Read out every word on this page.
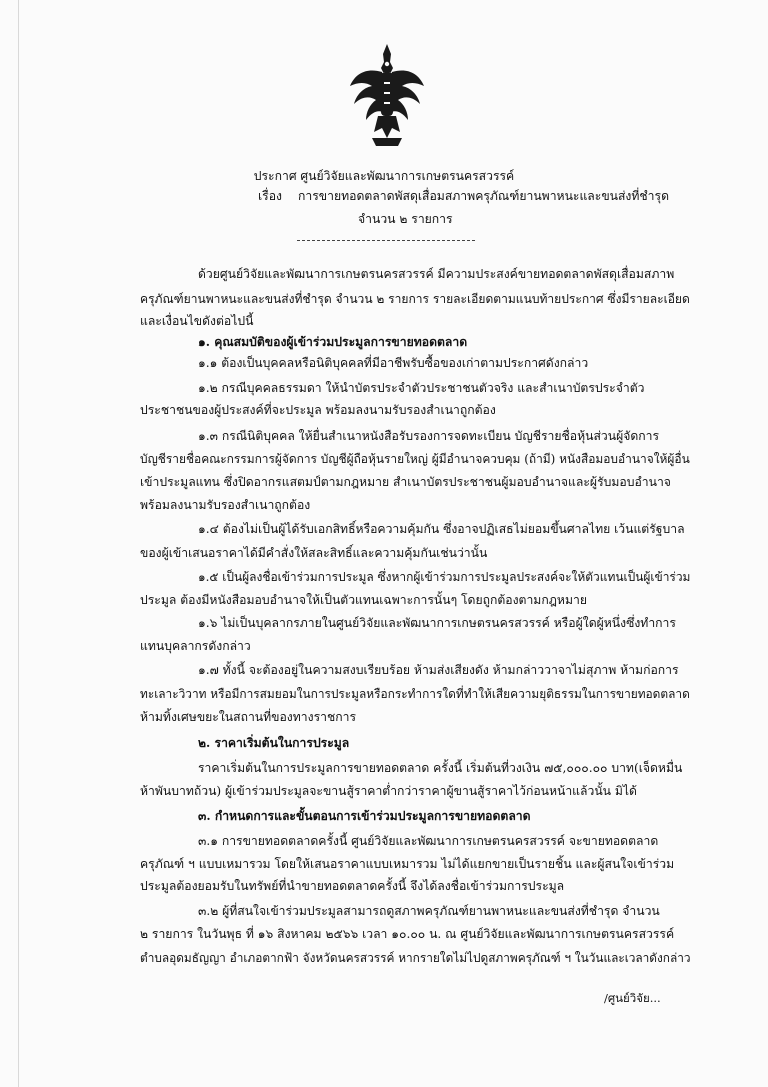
ประกาศ ศูนย์วิจัยและพัฒนาการเกษตรนครสวรรค์
เรื่อง การขายทอดตลาดพัสดุเสื่อมสภาพครุภัณฑ์ยานพาหนะและขนส่งที่ชำรุด
จำนวน ๒ รายการ
ด้วยศูนย์วิจัยและพัฒนาการเกษตรนครสวรรค์ มีความประสงค์ขายทอดตลาดพัสดุเสื่อมสภาพ
ครุภัณฑ์ยานพาหนะและขนส่งที่ชำรุด จำนวน ๒ รายการ รายละเอียดตามแนบท้ายประกาศ ซึ่งมีรายละเอียด
และเงื่อนไขดังต่อไปนี้
๑. คุณสมบัติของผู้เข้าร่วมประมูลการขายทอดตลาด
๑.๑ ต้องเป็นบุคคลหรือนิติบุคคลที่มีอาชีพรับซื้อของเก่าตามประกาศดังกล่าว
๑.๒ กรณีบุคคลธรรมดา ให้นำบัตรประจำตัวประชาชนตัวจริง และสำเนาบัตรประจำตัว
ประชาชนของผู้ประสงค์ที่จะประมูล พร้อมลงนามรับรองสำเนาถูกต้อง
๑.๓ กรณีนิติบุคคล ให้ยื่นสำเนาหนังสือรับรองการจดทะเบียน บัญชีรายชื่อหุ้นส่วนผู้จัดการ
บัญชีรายชื่อคณะกรรมการผู้จัดการ บัญชีผู้ถือหุ้นรายใหญ่ ผู้มีอำนาจควบคุม (ถ้ามี) หนังสือมอบอำนาจให้ผู้อื่น
เข้าประมูลแทน ซึ่งปิดอากรแสตมป์ตามกฎหมาย สำเนาบัตรประชาชนผู้มอบอำนาจและผู้รับมอบอำนาจ
พร้อมลงนามรับรองสำเนาถูกต้อง
๑.๔ ต้องไม่เป็นผู้ได้รับเอกสิทธิ์หรือความคุ้มกัน ซึ่งอาจปฏิเสธไม่ยอมขึ้นศาลไทย เว้นแต่รัฐบาล
ของผู้เข้าเสนอราคาได้มีคำสั่งให้สละสิทธิ์และความคุ้มกันเช่นว่านั้น
๑.๕ เป็นผู้ลงชื่อเข้าร่วมการประมูล ซึ่งหากผู้เข้าร่วมการประมูลประสงค์จะให้ตัวแทนเป็นผู้เข้าร่วม
ประมูล ต้องมีหนังสือมอบอำนาจให้เป็นตัวแทนเฉพาะการนั้นๆ โดยถูกต้องตามกฎหมาย
๑.๖ ไม่เป็นบุคลากรภายในศูนย์วิจัยและพัฒนาการเกษตรนครสวรรค์ หรือผู้ใดผู้หนึ่งซึ่งทำการ
แทนบุคลากรดังกล่าว
๑.๗ ทั้งนี้ จะต้องอยู่ในความสงบเรียบร้อย ห้ามส่งเสียงดัง ห้ามกล่าววาจาไม่สุภาพ ห้ามก่อการ
ทะเลาะวิวาท หรือมีการสมยอมในการประมูลหรือกระทำการใดที่ทำให้เสียความยุติธรรมในการขายทอดตลาด
ห้ามทิ้งเศษขยะในสถานที่ของทางราชการ
๒. ราคาเริ่มต้นในการประมูล
ราคาเริ่มต้นในการประมูลการขายทอดตลาด ครั้งนี้ เริ่มต้นที่วงเงิน ๗๕,๐๐๐.๐๐ บาท(เจ็ดหมื่น
ห้าพันบาทถ้วน) ผู้เข้าร่วมประมูลจะขานสู้ราคาต่ำกว่าราคาผู้ขานสู้ราคาไว้ก่อนหน้าแล้วนั้น มิได้
๓. กำหนดการและขั้นตอนการเข้าร่วมประมูลการขายทอดตลาด
๓.๑ การขายทอดตลาดครั้งนี้ ศูนย์วิจัยและพัฒนาการเกษตรนครสวรรค์ จะขายทอดตลาด
ครุภัณฑ์ ฯ แบบเหมารวม โดยให้เสนอราคาแบบเหมารวม ไม่ได้แยกขายเป็นรายชิ้น และผู้สนใจเข้าร่วม
ประมูลต้องยอมรับในทรัพย์ที่นำขายทอดตลาดครั้งนี้ จึงได้ลงชื่อเข้าร่วมการประมูล
๓.๒ ผู้ที่สนใจเข้าร่วมประมูลสามารถดูสภาพครุภัณฑ์ยานพาหนะและขนส่งที่ชำรุด จำนวน
๒ รายการ ในวันพุธ ที่ ๑๖ สิงหาคม ๒๕๖๖ เวลา ๑๐.๐๐ น. ณ ศูนย์วิจัยและพัฒนาการเกษตรนครสวรรค์
ตำบลอุดมธัญญา อำเภอตากฟ้า จังหวัดนครสวรรค์ หากรายใดไม่ไปดูสภาพครุภัณฑ์ ฯ ในวันและเวลาดังกล่าว
/ศูนย์วิจัย...
